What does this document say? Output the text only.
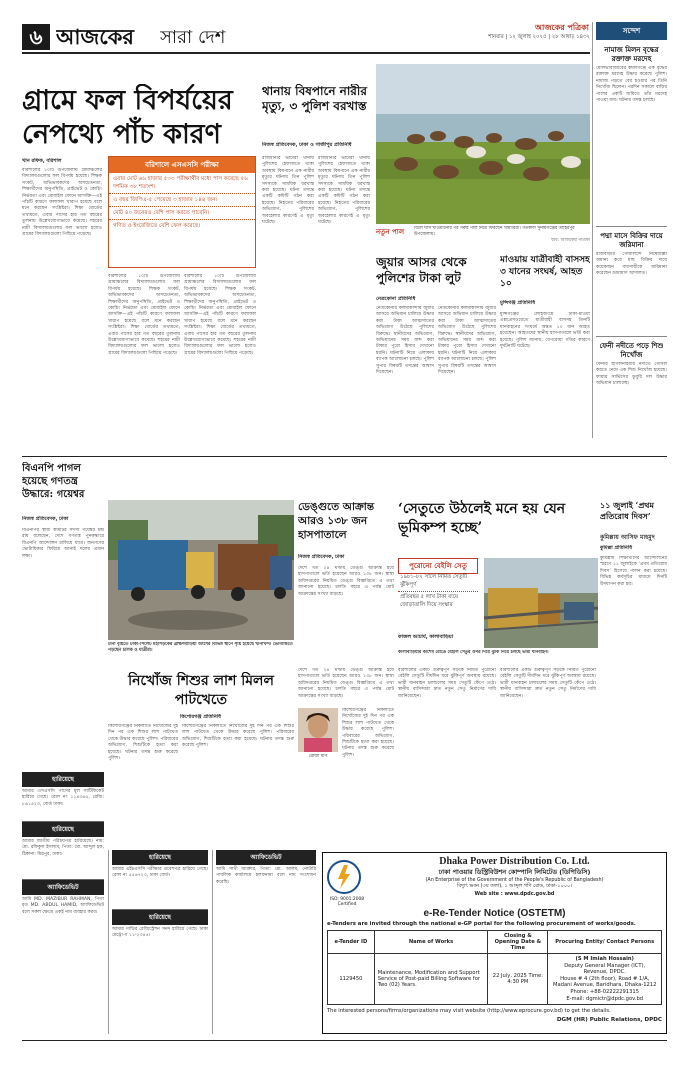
৬ আজকের	সারা দেশ	আজকের পত্রিকা
শনিবার | ১২ জুলাই ২০২৫ | ২৮ আষাঢ় ১৪৩২
সন্দেশ
নামাজ মিলন বৃদ্ধের রক্তাক্ত মরদেহ
মৌলভীবাজারের কমলগঞ্জে এক বৃদ্ধের রক্তাক্ত মরদেহ উদ্ধার করেছে পুলিশ। নামাজ পড়তে বের হওয়ার পর তিনি নিখোঁজ ছিলেন। পরদিন সকালে বাড়ির পাশের একটি জমিতে তাঁর মরদেহ পাওয়া যায়। ঘটনার তদন্ত চলছে।
পদ্মা মাসে বিক্রির দায়ে জরিমানা
রাজবাড়ীর গোয়ালন্দে নিষেধাজ্ঞা অমান্য করে মাছ বিক্রির দায়ে কয়েকজন ব্যবসায়ীকে জরিমানা করেছেন ভ্রাম্যমাণ আদালত।
ফেনী নদীতে পড়ে শিশু নিখোঁজ
ফেনীর ছাগলনাইয়ায় নদীতে গোসল করতে নেমে এক শিশু নিখোঁজ হয়েছে। ফায়ার সার্ভিসের ডুবুরি দল উদ্ধার অভিযান চালাচ্ছে।
গ্রামে ফল বিপর্যয়ের নেপথ্যে পাঁচ কারণ
খান রফিক, বরিশাল	বরিশালে এসএসসি পরীক্ষা
এবার মোট ৬৬ হাজার ৫৩৩ পরীক্ষার্থীর মধ্যে পাস করেছে ৫৬ দশমিক ৩৮ শতাংশ।
এ বছর জিপিএ-৫ পেয়েছে ৩ হাজার ১৪৪ জন।
মোট ৪০ জনেরও বেশি পাস করতে পারেনি।
গণিত ও ইংরেজিতে বেশি ফেল করেছে।
বরিশালের ১০টি উপজেলায় গ্রামাঞ্চলের বিদ্যালয়গুলোর ফল বিপর্যয় হয়েছে। শিক্ষক সংকট, অভিভাবকদের অসচেতনতা, শিক্ষার্থীদের অনুপস্থিতি, প্রাইভেট ও কোচিং নির্ভরতা এবং মোবাইল ফোনে আসক্তি—এই পাঁচটি কারণে ফলাফল খারাপ হয়েছে বলে মনে করছেন সংশ্লিষ্টরা। শিক্ষা বোর্ডের তথ্যমতে, এবার পাসের হার গত বছরের তুলনায় উল্লেখযোগ্যভাবে কমেছে। শহরের নামী বিদ্যালয়গুলোর ফল ভালো হলেও গ্রামের বিদ্যালয়গুলো পিছিয়ে পড়েছে।
বরিশালের ১০টি উপজেলায় গ্রামাঞ্চলের বিদ্যালয়গুলোর ফল বিপর্যয় হয়েছে। শিক্ষক সংকট, অভিভাবকদের অসচেতনতা, শিক্ষার্থীদের অনুপস্থিতি, প্রাইভেট ও কোচিং নির্ভরতা এবং মোবাইল ফোনে আসক্তি—এই পাঁচটি কারণে ফলাফল খারাপ হয়েছে বলে মনে করছেন সংশ্লিষ্টরা। শিক্ষা বোর্ডের তথ্যমতে, এবার পাসের হার গত বছরের তুলনায় উল্লেখযোগ্যভাবে কমেছে। শহরের নামী বিদ্যালয়গুলোর ফল ভালো হলেও গ্রামের বিদ্যালয়গুলো পিছিয়ে পড়েছে।
বরিশালের ১০টি উপজেলায় গ্রামাঞ্চলের বিদ্যালয়গুলোর ফল বিপর্যয় হয়েছে। শিক্ষক সংকট, অভিভাবকদের অসচেতনতা, শিক্ষার্থীদের অনুপস্থিতি, প্রাইভেট ও কোচিং নির্ভরতা এবং মোবাইল ফোনে আসক্তি—এই পাঁচটি কারণে ফলাফল খারাপ হয়েছে বলে মনে করছেন সংশ্লিষ্টরা। শিক্ষা বোর্ডের তথ্যমতে, এবার পাসের হার গত বছরের তুলনায় উল্লেখযোগ্যভাবে কমেছে। শহরের নামী বিদ্যালয়গুলোর ফল ভালো হলেও গ্রামের বিদ্যালয়গুলো পিছিয়ে পড়েছে।
থানায় বিষপানে নারীর মৃত্যু, ৩ পুলিশ বরখাস্ত
নিজস্ব প্রতিবেদক, ঢাকা ও গাজীপুর প্রতিনিধি
রাজধানীর ভাটারা থানায় পুলিশের হেফাজতে থাকা অবস্থায় বিষপানে এক নারীর মৃত্যুর ঘটনায় তিন পুলিশ সদস্যকে সাময়িক বরখাস্ত করা হয়েছে। ঘটনা তদন্তে একটি কমিটি গঠন করা হয়েছে। নিহতের পরিবারের অভিযোগ, পুলিশের অবহেলার কারণেই এ মৃত্যু ঘটেছে।
রাজধানীর ভাটারা থানায় পুলিশের হেফাজতে থাকা অবস্থায় বিষপানে এক নারীর মৃত্যুর ঘটনায় তিন পুলিশ সদস্যকে সাময়িক বরখাস্ত করা হয়েছে। ঘটনা তদন্তে একটি কমিটি গঠন করা হয়েছে। নিহতের পরিবারের অভিযোগ, পুলিশের অবহেলার কারণেই এ মৃত্যু ঘটেছে।
নতুন পাল	বিলে ঘাস খাওয়ানোর পর গরুর পাল নিয়ে ফিরছেন খামারিরা। গতকাল সুনামগঞ্জের তাহিরপুর উপজেলায়।
ছবি: আজকের পত্রিকা
জুয়ার আসর থেকে পুলিশের টাকা লুট
নেত্রকোনা প্রতিনিধি
নেত্রকোনার কলমাকান্দায় জুয়ার আসরে অভিযান চালিয়ে উদ্ধার করা টাকা আত্মসাতের অভিযোগ উঠেছে পুলিশের বিরুদ্ধে। স্থানীয়দের অভিযোগ, অভিযানের সময় জব্দ করা টাকার পুরো হিসাব দেখানো হয়নি। ঘটনাটি নিয়ে এলাকায় ব্যাপক আলোচনা চলছে। পুলিশ সুপার বিষয়টি তদন্তের আশ্বাস দিয়েছেন।
নেত্রকোনার কলমাকান্দায় জুয়ার আসরে অভিযান চালিয়ে উদ্ধার করা টাকা আত্মসাতের অভিযোগ উঠেছে পুলিশের বিরুদ্ধে। স্থানীয়দের অভিযোগ, অভিযানের সময় জব্দ করা টাকার পুরো হিসাব দেখানো হয়নি। ঘটনাটি নিয়ে এলাকায় ব্যাপক আলোচনা চলছে। পুলিশ সুপার বিষয়টি তদন্তের আশ্বাস দিয়েছেন।
মাওয়ায় যাত্রীবাহী বাসসহ ৩ যানের সংঘর্ষ, আহত ১০
মুন্সিগঞ্জ প্রতিনিধি
মুন্সিগঞ্জের লৌহজংয়ে ঢাকা-মাওয়া এক্সপ্রেসওয়েতে যাত্রীবাহী বাসসহ তিনটি যানবাহনের সংঘর্ষে অন্তত ১০ জন আহত হয়েছেন। আহতদের স্থানীয় হাসপাতালে ভর্তি করা হয়েছে। পুলিশ জানায়, বেপরোয়া গতির কারণে দুর্ঘটনাটি ঘটেছে।
বিএনপি পাগল হয়েছে গণতন্ত্র উদ্ধারে: গয়েশ্বর
নিজস্ব প্রতিবেদক, ঢাকা
বিএনপির স্থায়ী কমিটির সদস্য গয়েশ্বর চন্দ্র রায় বলেছেন, দেশে গণতন্ত্র পুনরুদ্ধারে বিএনপি আন্দোলন চালিয়ে যাবে। জনগণের ভোটাধিকার ফিরিয়ে আনাই দলের প্রধান লক্ষ্য।
টানা বৃষ্টিতে ঢাকা-সিলেট মহাসড়কের ব্রাহ্মণবাড়িয়া অংশের বিভিন্ন স্থানে সৃষ্টি হয়েছে খানাখন্দ। ভোগান্তিতে পড়ছেন চালক ও যাত্রীরা।
ডেঙ্গুতে আক্রান্ত আরও ১৩৮ জন হাসপাতালে
নিজস্ব প্রতিবেদক, ঢাকা
দেশে গত ২৪ ঘণ্টায় ডেঙ্গু আক্রান্ত হয়ে হাসপাতালে ভর্তি হয়েছেন আরও ১৩৮ জন। স্বাস্থ্য অধিদপ্তরের নিয়মিত ডেঙ্গু বিজ্ঞপ্তিতে এ তথ্য জানানো হয়েছে। চলতি বছরে এ পর্যন্ত মোট আক্রান্তের সংখ্যা বাড়ছে।
‘সেতুতে উঠলেই মনে হয় যেন ভূমিকম্প হচ্ছে’
পুরোনো বেইলি সেতু
১৯৮১-৮২ সালে নির্মিত সেতুটি ঝুঁকিপূর্ণ
প্রতিবছর ৫ লাখ টাকা ব্যয়ে জোড়াতালি দিয়ে সংস্কার
কালাবাড়িয়ার কাশেম রোডে বেইলি সেতুর ওপর দিয়ে ঝুঁকি নিয়ে চলছে ভারী যানবাহন।
কাজল আচার্য, কালাবাড়িয়া
১১ জুলাই ‘প্রথম প্রতিরোধ দিবস’
কুমিল্লায় আসিফ মাহমুদ
কুমিল্লা প্রতিনিধি
কুমিল্লায় শিক্ষার্থীদের আন্দোলনের স্মরণে ১১ জুলাইকে ‘প্রথম প্রতিরোধ দিবস’ হিসেবে পালন করা হয়েছে। বিভিন্ন কর্মসূচির মাধ্যমে দিনটি উদযাপন করা হয়।
বরিশালের একটি গুরুত্বপূর্ণ সড়কে নির্মিত পুরোনো বেইলি সেতুটি দীর্ঘদিন ধরে ঝুঁকিপূর্ণ অবস্থায় রয়েছে। ভারী যানবাহন চলাচলের সময় সেতুটি কেঁপে ওঠে। স্থানীয় বাসিন্দারা দ্রুত নতুন সেতু নির্মাণের দাবি জানিয়েছেন।
বরিশালের একটি গুরুত্বপূর্ণ সড়কে নির্মিত পুরোনো বেইলি সেতুটি দীর্ঘদিন ধরে ঝুঁকিপূর্ণ অবস্থায় রয়েছে। ভারী যানবাহন চলাচলের সময় সেতুটি কেঁপে ওঠে। স্থানীয় বাসিন্দারা দ্রুত নতুন সেতু নির্মাণের দাবি জানিয়েছেন।
দেশে গত ২৪ ঘণ্টায় ডেঙ্গু আক্রান্ত হয়ে হাসপাতালে ভর্তি হয়েছেন আরও ১৩৮ জন। স্বাস্থ্য অধিদপ্তরের নিয়মিত ডেঙ্গু বিজ্ঞপ্তিতে এ তথ্য জানানো হয়েছে। চলতি বছরে এ পর্যন্ত মোট আক্রান্তের সংখ্যা বাড়ছে।
নিখোঁজ শিশুর লাশ মিলল পাটখেতে
কিশোরগঞ্জ প্রতিনিধি
কিশোরগঞ্জের নিকলীতে নিখোঁজের দুই দিন পর এক শিশুর লাশ পাটখেত থেকে উদ্ধার করেছে পুলিশ। পরিবারের অভিযোগ, শিশুটিকে হত্যা করা হয়েছে। ঘটনার তদন্ত শুরু করেছে পুলিশ।
কিশোরগঞ্জের নিকলীতে নিখোঁজের দুই দিন পর এক শিশুর লাশ পাটখেত থেকে উদ্ধার করেছে পুলিশ। পরিবারের অভিযোগ, শিশুটিকে হত্যা করা হয়েছে। ঘটনার তদন্ত শুরু করেছে পুলিশ।
রোজা মণি
কিশোরগঞ্জের নিকলীতে নিখোঁজের দুই দিন পর এক শিশুর লাশ পাটখেত থেকে উদ্ধার করেছে পুলিশ। পরিবারের অভিযোগ, শিশুটিকে হত্যা করা হয়েছে। ঘটনার তদন্ত শুরু করেছে পুলিশ।
হারিয়েছে
আমার এসএসসি পাসের মূল সার্টিফিকেট হারিয়ে গেছে। রোল নং ১১৪৩৬৫, রেজি: ৮৬১৪২৩, বোর্ড ঢাকা।
হারিয়েছে
আমার জাতীয় পরিচয়পত্র হারিয়েছে। নাম: মো. রফিকুল ইসলাম, পিতা: মো. আব্দুল হক, ঠিকানা: মিরপুর, ঢাকা।
অ্যাফিডেভিট
আমি MD. MAZIBUR RAHMAN, পিতা মৃত MD. ABDUL HAMID, অ্যাফিডেভিট বলে সকল ক্ষেত্রে একই নাম ব্যবহার করব।
হারিয়েছে
আমার এইচএসসি পরীক্ষার প্রবেশপত্র হারিয়ে গেছে। রোল নং ৫৫৬৭২৩, ঢাকা বোর্ড।
হারিয়েছে
আমার গাড়ির রেজিস্ট্রেশন সনদ হারিয়ে গেছে। ঢাকা মেট্রো-গ ১১-২৩৪৫।
অ্যাফিডেভিট
আমি সাথী আক্তার, পিতা: মো. আলম, নোটারি পাবলিক কার্যালয়ে হলফনামা বলে নাম সংশোধন করেছি।
Dhaka Power Distribution Co. Ltd.
ঢাকা পাওয়ার ডিস্ট্রিবিউশন কোম্পানি লিমিটেড (ডিপিডিসি)
(An Enterprise of the Government of the People's Republic of Bangladesh)
বিদ্যুৎ ভবন (৩য় তলা), ১ আব্দুল গণি রোড, ঢাকা-১০০০।
Web site : www.dpdc.gov.bd
ISO: 9001:2008 Certified
e-Re-Tender Notice (OSTETM)
e-Tenders are invited through the national e-GP portal for the following procurement of works/goods.
e-Tender ID	Name of Works	Closing & Opening Date & Time	Procuring Entity/ Contact Persons
1129450	Maintenance, Modification and Support Service of Post-paid Billing Software for Two (02) Years.	22 July, 2025 Time: 4:30 PM	(S M Imiah Hossain)
Deputy General Manager (ICT), Revenue, DPDC.
House # 4 (2th floor), Road # 1/A, Madani Avenue, Baridhara, Dhaka-1212
Phone: +88-02222291315
E-mail: dgmictr@dpdc.gov.bd
The interested persons/firms/organizations may visit website (http://www.eprocure.gov.bd) to get the details.
DGM (HR) Public Relations, DPDC
